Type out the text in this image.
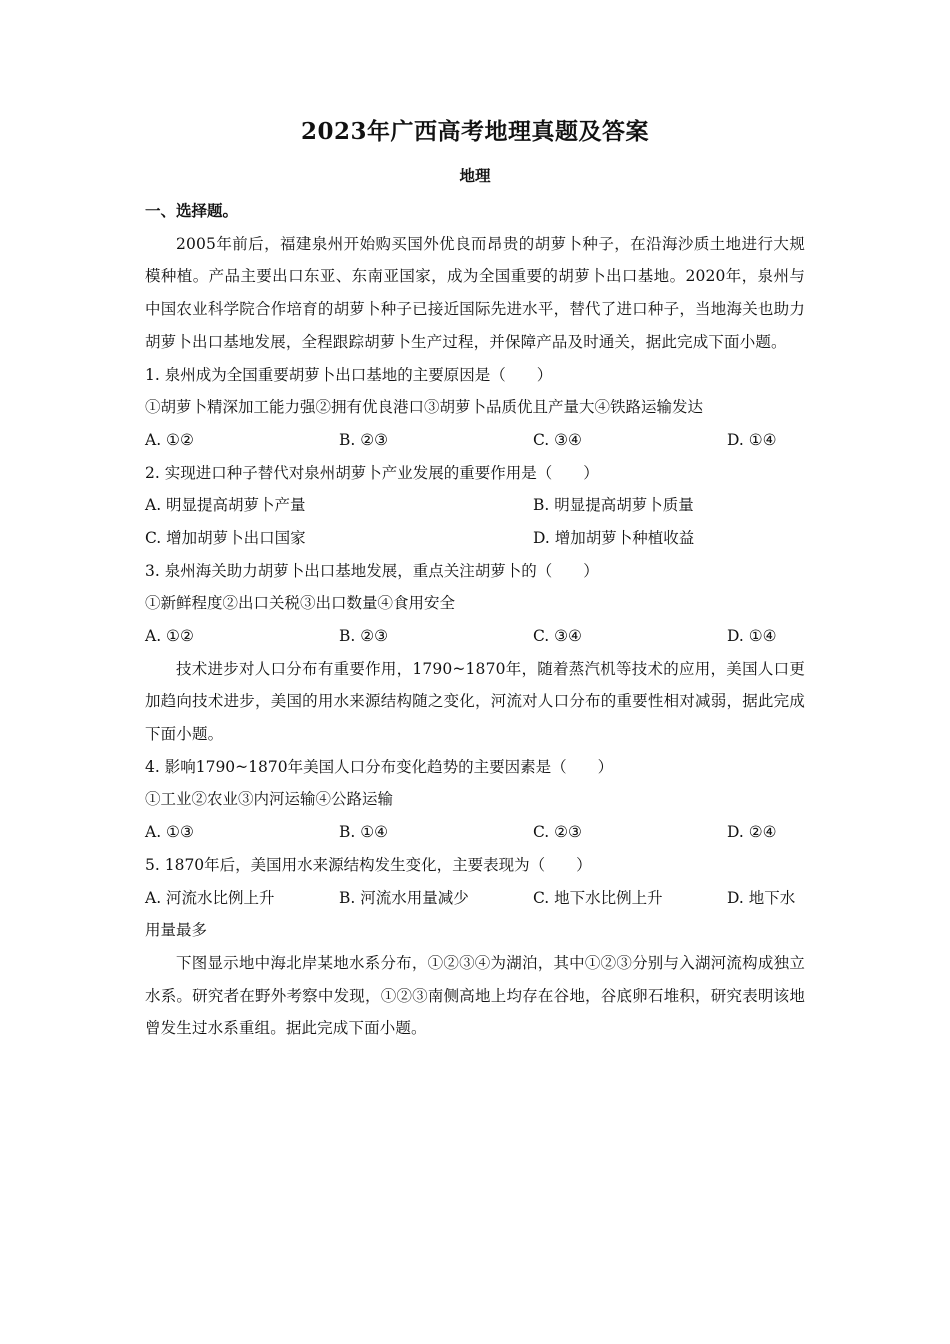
2023年广西高考地理真题及答案
地理
一、选择题。
2005年前后，福建泉州开始购买国外优良而昂贵的胡萝卜种子，在沿海沙质土地进行大规模种植。产品主要出口东亚、东南亚国家，成为全国重要的胡萝卜出口基地。2020年，泉州与中国农业科学院合作培育的胡萝卜种子已接近国际先进水平，替代了进口种子，当地海关也助力胡萝卜出口基地发展，全程跟踪胡萝卜生产过程，并保障产品及时通关，据此完成下面小题。
1. 泉州成为全国重要胡萝卜出口基地的主要原因是（　　）
①胡萝卜精深加工能力强②拥有优良港口③胡萝卜品质优且产量大④铁路运输发达
A. ①②	B. ②③	C. ③④	D. ①④
2. 实现进口种子替代对泉州胡萝卜产业发展的重要作用是（　　）
A. 明显提高胡萝卜产量	B. 明显提高胡萝卜质量
C. 增加胡萝卜出口国家	D. 增加胡萝卜种植收益
3. 泉州海关助力胡萝卜出口基地发展，重点关注胡萝卜的（　　）
①新鲜程度②出口关税③出口数量④食用安全
A. ①②	B. ②③	C. ③④	D. ①④
技术进步对人口分布有重要作用，1790~1870年，随着蒸汽机等技术的应用，美国人口更加趋向技术进步，美国的用水来源结构随之变化，河流对人口分布的重要性相对减弱，据此完成下面小题。
4. 影响1790~1870年美国人口分布变化趋势的主要因素是（　　）
①工业②农业③内河运输④公路运输
A. ①③	B. ①④	C. ②③	D. ②④
5. 1870年后，美国用水来源结构发生变化，主要表现为（　　）
A. 河流水比例上升	B. 河流水用量减少	C. 地下水比例上升	D. 地下水
用量最多
下图显示地中海北岸某地水系分布，①②③④为湖泊，其中①②③分别与入湖河流构成独立水系。研究者在野外考察中发现，①②③南侧高地上均存在谷地，谷底卵石堆积，研究表明该地曾发生过水系重组。据此完成下面小题。
